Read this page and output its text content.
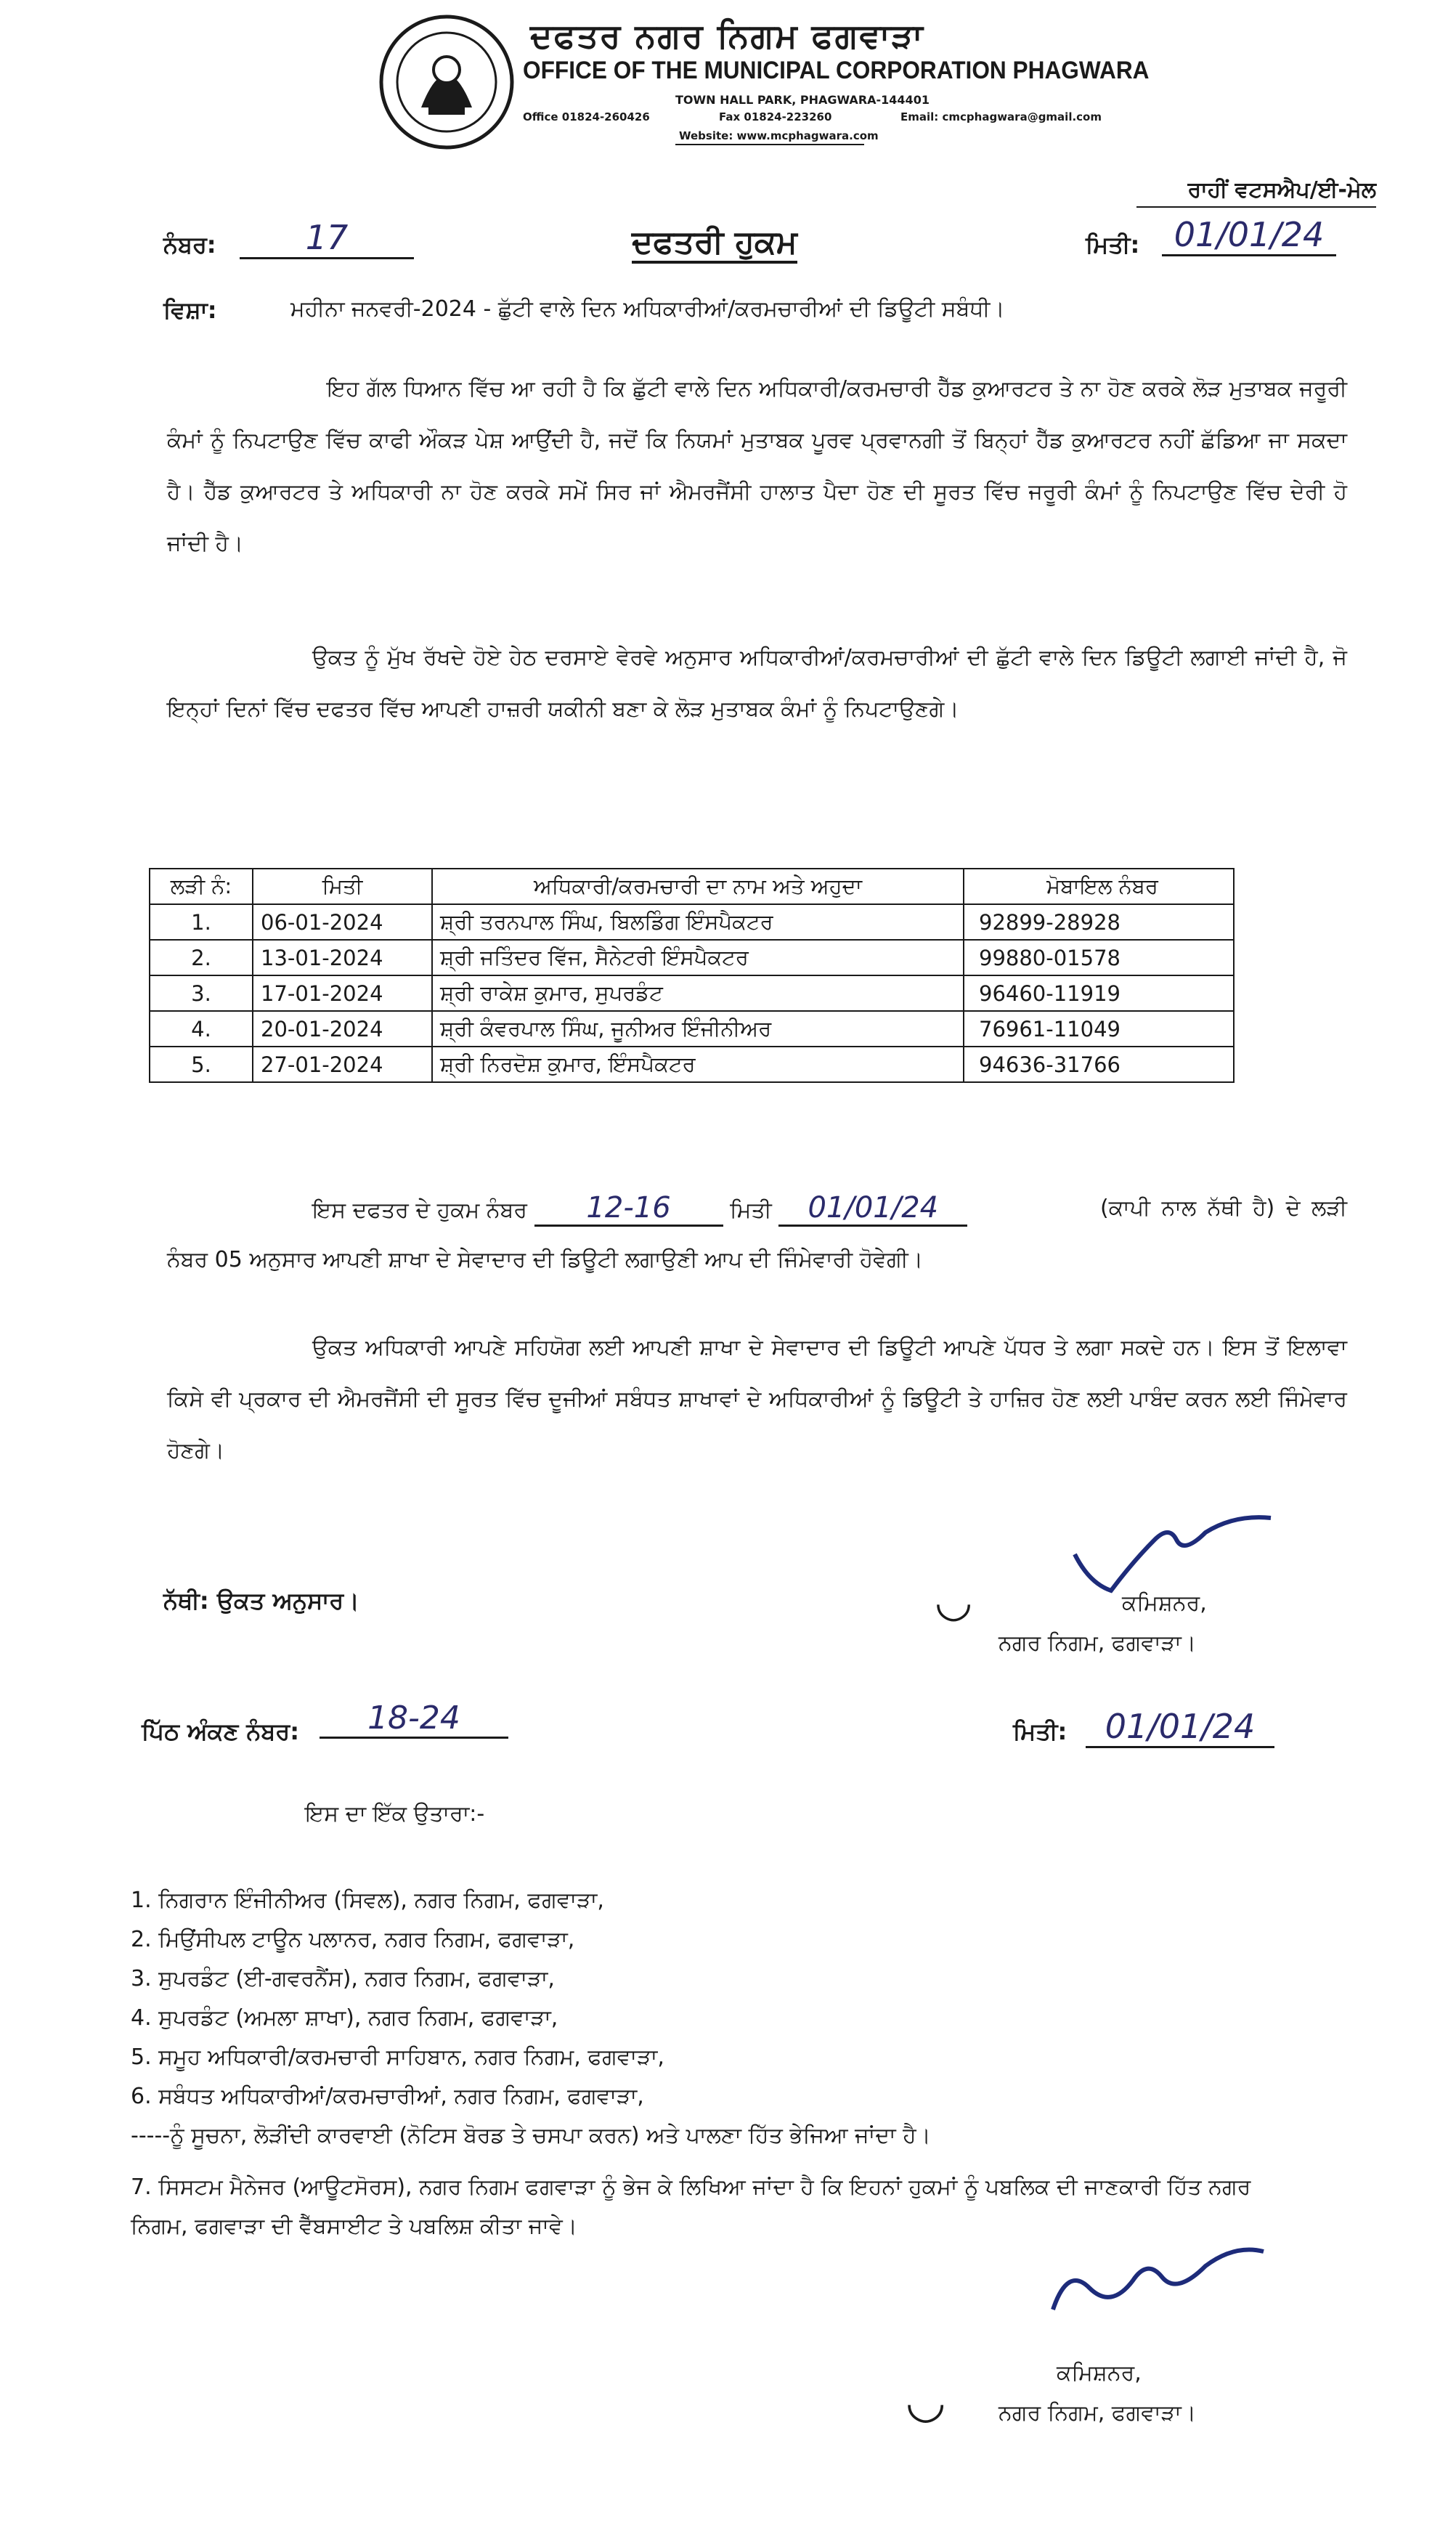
ਦਫਤਰ ਨਗਰ ਨਿਗਮ ਫਗਵਾੜਾ
OFFICE OF THE MUNICIPAL CORPORATION PHAGWARA
TOWN HALL PARK, PHAGWARA-144401
Office 01824-260426	Fax 01824-223260	Email: cmcphagwara@gmail.com
Website: www.mcphagwara.com
ਰਾਹੀਂ ਵਟਸਐਪ/ਈ-ਮੇਲ
ਨੰਬਰ:	17	ਦਫਤਰੀ ਹੁਕਮ	ਮਿਤੀ:	01/01/24
ਵਿਸ਼ਾ:	ਮਹੀਨਾ ਜਨਵਰੀ-2024 - ਛੁੱਟੀ ਵਾਲੇ ਦਿਨ ਅਧਿਕਾਰੀਆਂ/ਕਰਮਚਾਰੀਆਂ ਦੀ ਡਿਊਟੀ ਸਬੰਧੀ।
ਇਹ ਗੱਲ ਧਿਆਨ ਵਿੱਚ ਆ ਰਹੀ ਹੈ ਕਿ ਛੁੱਟੀ ਵਾਲੇ ਦਿਨ ਅਧਿਕਾਰੀ/ਕਰਮਚਾਰੀ ਹੈੱਡ ਕੁਆਰਟਰ ਤੇ ਨਾ ਹੋਣ ਕਰਕੇ ਲੋੜ ਮੁਤਾਬਕ ਜਰੂਰੀ ਕੰਮਾਂ ਨੂੰ ਨਿਪਟਾਉਣ ਵਿੱਚ ਕਾਫੀ ਔਕੜ ਪੇਸ਼ ਆਉਂਦੀ ਹੈ, ਜਦੋਂ ਕਿ ਨਿਯਮਾਂ ਮੁਤਾਬਕ ਪੂਰਵ ਪ੍ਰਵਾਨਗੀ ਤੋਂ ਬਿਨ੍ਹਾਂ ਹੈੱਡ ਕੁਆਰਟਰ ਨਹੀਂ ਛੱਡਿਆ ਜਾ ਸਕਦਾ ਹੈ। ਹੈੱਡ ਕੁਆਰਟਰ ਤੇ ਅਧਿਕਾਰੀ ਨਾ ਹੋਣ ਕਰਕੇ ਸਮੇਂ ਸਿਰ ਜਾਂ ਐਮਰਜੈਂਸੀ ਹਾਲਾਤ ਪੈਦਾ ਹੋਣ ਦੀ ਸੂਰਤ ਵਿੱਚ ਜਰੂਰੀ ਕੰਮਾਂ ਨੂੰ ਨਿਪਟਾਉਣ ਵਿੱਚ ਦੇਰੀ ਹੋ ਜਾਂਦੀ ਹੈ।
ਉਕਤ ਨੂੰ ਮੁੱਖ ਰੱਖਦੇ ਹੋਏ ਹੇਠ ਦਰਸਾਏ ਵੇਰਵੇ ਅਨੁਸਾਰ ਅਧਿਕਾਰੀਆਂ/ਕਰਮਚਾਰੀਆਂ ਦੀ ਛੁੱਟੀ ਵਾਲੇ ਦਿਨ ਡਿਊਟੀ ਲਗਾਈ ਜਾਂਦੀ ਹੈ, ਜੋ ਇਨ੍ਹਾਂ ਦਿਨਾਂ ਵਿੱਚ ਦਫਤਰ ਵਿੱਚ ਆਪਣੀ ਹਾਜ਼ਰੀ ਯਕੀਨੀ ਬਣਾ ਕੇ ਲੋੜ ਮੁਤਾਬਕ ਕੰਮਾਂ ਨੂੰ ਨਿਪਟਾਉਣਗੇ।
ਲੜੀ ਨੰ:	ਮਿਤੀ	ਅਧਿਕਾਰੀ/ਕਰਮਚਾਰੀ ਦਾ ਨਾਮ ਅਤੇ ਅਹੁਦਾ	ਮੋਬਾਇਲ ਨੰਬਰ
1.	06-01-2024	ਸ਼੍ਰੀ ਤਰਨਪਾਲ ਸਿੰਘ, ਬਿਲਡਿੰਗ ਇੰਸਪੈਕਟਰ	92899-28928
2.	13-01-2024	ਸ਼੍ਰੀ ਜਤਿੰਦਰ ਵਿੱਜ, ਸੈਨੇਟਰੀ ਇੰਸਪੈਕਟਰ	99880-01578
3.	17-01-2024	ਸ਼੍ਰੀ ਰਾਕੇਸ਼ ਕੁਮਾਰ, ਸੁਪਰਡੰਟ	96460-11919
4.	20-01-2024	ਸ਼੍ਰੀ ਕੰਵਰਪਾਲ ਸਿੰਘ, ਜੂਨੀਅਰ ਇੰਜੀਨੀਅਰ	76961-11049
5.	27-01-2024	ਸ਼੍ਰੀ ਨਿਰਦੋਸ਼ ਕੁਮਾਰ, ਇੰਸਪੈਕਟਰ	94636-31766
ਇਸ ਦਫਤਰ ਦੇ ਹੁਕਮ ਨੰਬਰ 12-16	ਮਿਤੀ 01/01/24	(ਕਾਪੀ ਨਾਲ ਨੱਥੀ ਹੈ) ਦੇ ਲੜੀ ਨੰਬਰ 05 ਅਨੁਸਾਰ ਆਪਣੀ ਸ਼ਾਖਾ ਦੇ ਸੇਵਾਦਾਰ ਦੀ ਡਿਊਟੀ ਲਗਾਉਣੀ ਆਪ ਦੀ ਜਿੰਮੇਵਾਰੀ ਹੋਵੇਗੀ।
ਉਕਤ ਅਧਿਕਾਰੀ ਆਪਣੇ ਸਹਿਯੋਗ ਲਈ ਆਪਣੀ ਸ਼ਾਖਾ ਦੇ ਸੇਵਾਦਾਰ ਦੀ ਡਿਊਟੀ ਆਪਣੇ ਪੱਧਰ ਤੇ ਲਗਾ ਸਕਦੇ ਹਨ। ਇਸ ਤੋਂ ਇਲਾਵਾ ਕਿਸੇ ਵੀ ਪ੍ਰਕਾਰ ਦੀ ਐਮਰਜੈਂਸੀ ਦੀ ਸੂਰਤ ਵਿੱਚ ਦੂਜੀਆਂ ਸਬੰਧਤ ਸ਼ਾਖਾਵਾਂ ਦੇ ਅਧਿਕਾਰੀਆਂ ਨੂੰ ਡਿਊਟੀ ਤੇ ਹਾਜ਼ਿਰ ਹੋਣ ਲਈ ਪਾਬੰਦ ਕਰਨ ਲਈ ਜਿੰਮੇਵਾਰ ਹੋਣਗੇ।
ਨੱਥੀ: ਉਕਤ ਅਨੁਸਾਰ।	◡	ਕਮਿਸ਼ਨਰ,
ਨਗਰ ਨਿਗਮ, ਫਗਵਾੜਾ।
ਪਿੱਠ ਅੰਕਣ ਨੰਬਰ:	18-24	ਮਿਤੀ:	01/01/24
ਇਸ ਦਾ ਇੱਕ ਉਤਾਰਾ:-
1. ਨਿਗਰਾਨ ਇੰਜੀਨੀਅਰ (ਸਿਵਲ), ਨਗਰ ਨਿਗਮ, ਫਗਵਾੜਾ,
2. ਮਿਉਂਸੀਪਲ ਟਾਊਨ ਪਲਾਨਰ, ਨਗਰ ਨਿਗਮ, ਫਗਵਾੜਾ,
3. ਸੁਪਰਡੰਟ (ਈ-ਗਵਰਨੈਂਸ), ਨਗਰ ਨਿਗਮ, ਫਗਵਾੜਾ,
4. ਸੁਪਰਡੰਟ (ਅਮਲਾ ਸ਼ਾਖਾ), ਨਗਰ ਨਿਗਮ, ਫਗਵਾੜਾ,
5. ਸਮੂਹ ਅਧਿਕਾਰੀ/ਕਰਮਚਾਰੀ ਸਾਹਿਬਾਨ, ਨਗਰ ਨਿਗਮ, ਫਗਵਾੜਾ,
6. ਸਬੰਧਤ ਅਧਿਕਾਰੀਆਂ/ਕਰਮਚਾਰੀਆਂ, ਨਗਰ ਨਿਗਮ, ਫਗਵਾੜਾ,
-----ਨੂੰ ਸੂਚਨਾ, ਲੋੜੀਂਦੀ ਕਾਰਵਾਈ (ਨੋਟਿਸ ਬੋਰਡ ਤੇ ਚਸਪਾ ਕਰਨ) ਅਤੇ ਪਾਲਣਾ ਹਿੱਤ ਭੇਜਿਆ ਜਾਂਦਾ ਹੈ।
7. ਸਿਸਟਮ ਮੈਨੇਜਰ (ਆਊਟਸੋਰਸ), ਨਗਰ ਨਿਗਮ ਫਗਵਾੜਾ ਨੂੰ ਭੇਜ ਕੇ ਲਿਖਿਆ ਜਾਂਦਾ ਹੈ ਕਿ ਇਹਨਾਂ ਹੁਕਮਾਂ ਨੂੰ ਪਬਲਿਕ ਦੀ ਜਾਣਕਾਰੀ ਹਿੱਤ ਨਗਰ ਨਿਗਮ, ਫਗਵਾੜਾ ਦੀ ਵੈੱਬਸਾਈਟ ਤੇ ਪਬਲਿਸ਼ ਕੀਤਾ ਜਾਵੇ।
◡
ਕਮਿਸ਼ਨਰ,
ਨਗਰ ਨਿਗਮ, ਫਗਵਾੜਾ।
